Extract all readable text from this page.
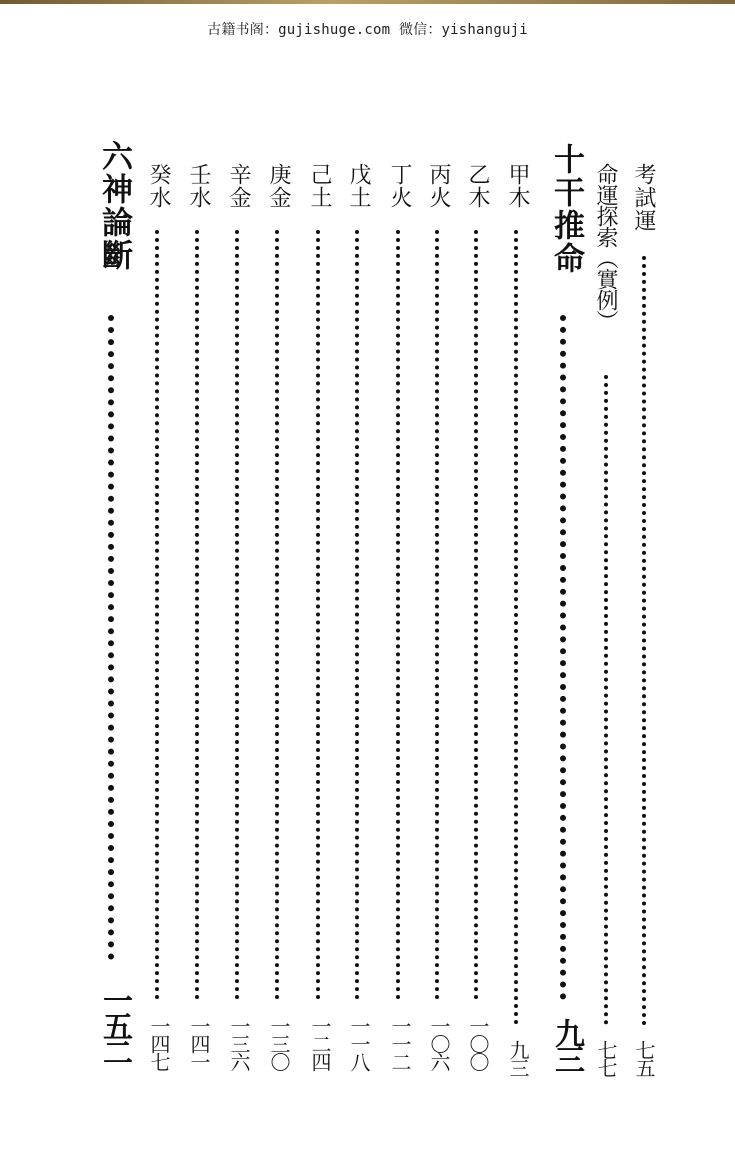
古籍书阁：gujishuge.com 微信：yishanguji
考試運
七五
命運探索（實例）
七七
十干推命
九三
甲木
九三
乙木
一〇〇
丙火
一〇六
丁火
一一二
戊土
一一八
己土
一二四
庚金
一三〇
辛金
一三六
壬水
一四一
癸水
一四七
六神論斷
一五二
